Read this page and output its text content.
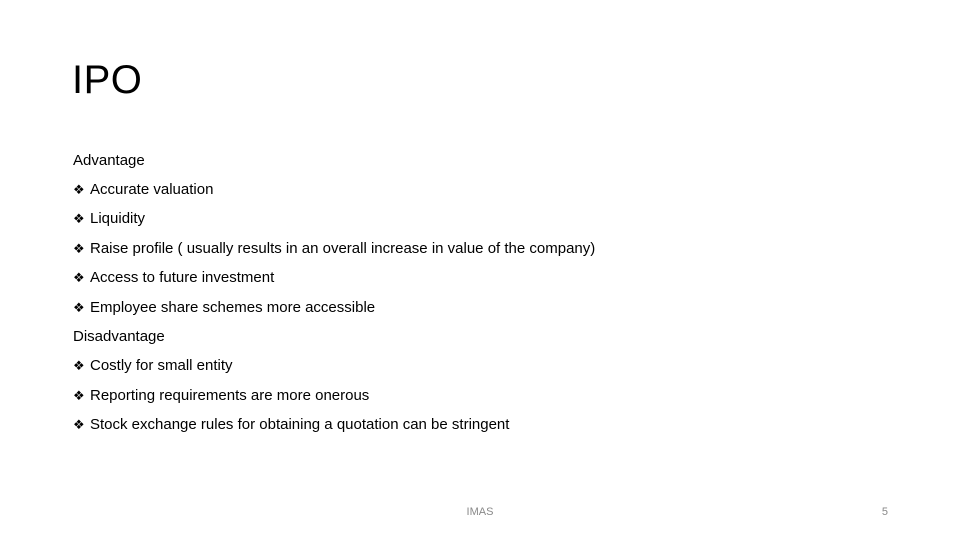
IPO
Advantage
❖ Accurate valuation
❖ Liquidity
❖ Raise profile ( usually results in an overall increase in value of the company)
❖ Access to future investment
❖ Employee share schemes more accessible
Disadvantage
❖ Costly for small entity
❖ Reporting requirements are more onerous
❖ Stock exchange rules for obtaining a quotation can be stringent
IMAS	5
